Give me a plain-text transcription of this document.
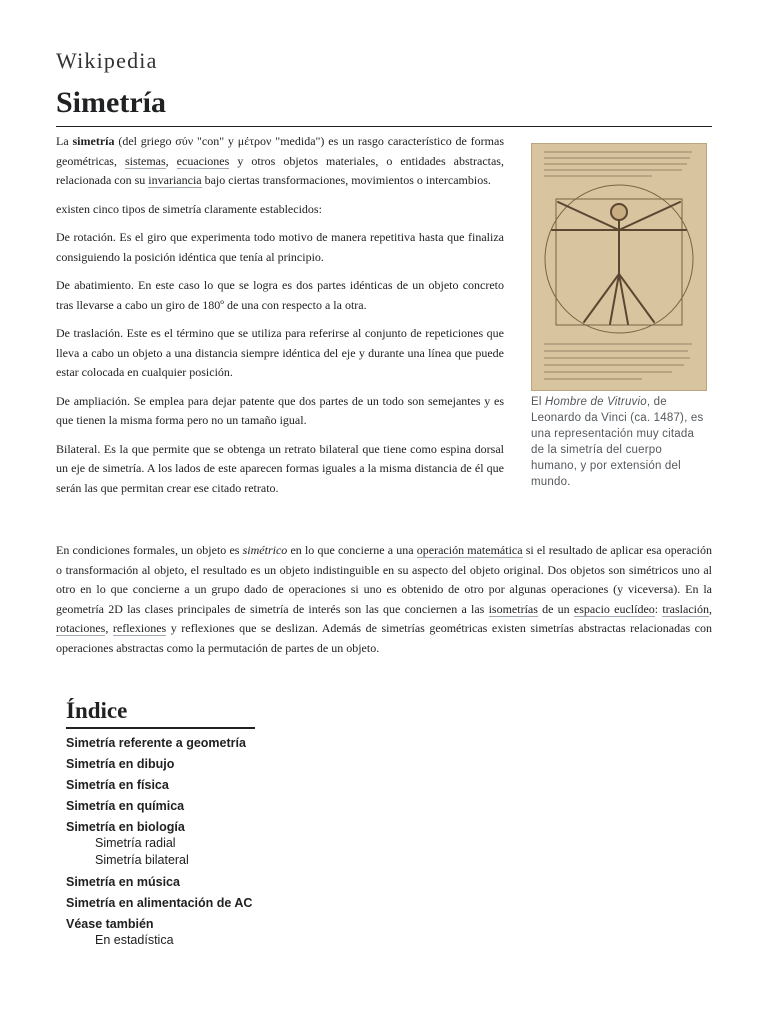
Wikipedia
Simetría

La simetría (del griego σύν "con" y μέτρον "medida") es un rasgo característico de formas geométricas, sistemas, ecuaciones y otros objetos materiales, o entidades abstractas, relacionada con su invariancia bajo ciertas transformaciones, movimientos o intercambios.

existen cinco tipos de simetría claramente establecidos:

De rotación. Es el giro que experimenta todo motivo de manera repetitiva hasta que finaliza consiguiendo la posición idéntica que tenía al principio.

De abatimiento. En este caso lo que se logra es dos partes idénticas de un objeto concreto tras llevarse a cabo un giro de 180º de una con respecto a la otra.

De traslación. Este es el término que se utiliza para referirse al conjunto de repeticiones que lleva a cabo un objeto a una distancia siempre idéntica del eje y durante una línea que puede estar colocada en cualquier posición.

De ampliación. Se emplea para dejar patente que dos partes de un todo son semejantes y es que tienen la misma forma pero no un tamaño igual.

Bilateral. Es la que permite que se obtenga un retrato bilateral que tiene como espina dorsal un eje de simetría. A los lados de este aparecen formas iguales a la misma distancia de él que serán las que permitan crear ese citado retrato.

El Hombre de Vitruvio, de Leonardo da Vinci (ca. 1487), es una representación muy citada de la simetría del cuerpo humano, y por extensión del mundo.

En condiciones formales, un objeto es simétrico en lo que concierne a una operación matemática si el resultado de aplicar esa operación o transformación al objeto, el resultado es un objeto indistinguible en su aspecto del objeto original. Dos objetos son simétricos uno al otro en lo que concierne a un grupo dado de operaciones si uno es obtenido de otro por algunas operaciones (y viceversa). En la geometría 2D las clases principales de simetría de interés son las que conciernen a las isometrías de un espacio euclídeo: traslación, rotaciones, reflexiones y reflexiones que se deslizan. Además de simetrías geométricas existen simetrías abstractas relacionadas con operaciones abstractas como la permutación de partes de un objeto.

Índice
Simetría referente a geometría
Simetría en dibujo
Simetría en física
Simetría en química
Simetría en biología
Simetría radial
Simetría bilateral
Simetría en música
Simetría en alimentación de AC
Véase también
En estadística
